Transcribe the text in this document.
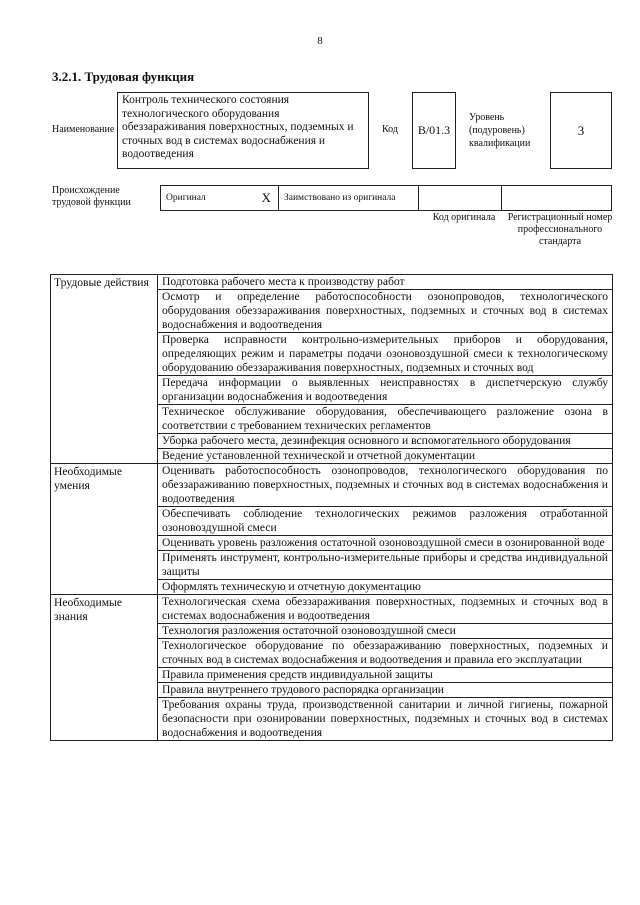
8
3.2.1. Трудовая функция
Наименование
Контроль технического состояния технологического оборудования обеззараживания поверхностных, подземных и сточных вод в системах водоснабжения и водоотведения
Код	B/01.3
Уровень (подуровень) квалификации
3
Происхождение трудовой функции	Оригинал	X	Заимствовано из оригинала		
Код оригинала	Регистрационный номер профессионального стандарта
Трудовые действия	Подготовка рабочего места к производству работ
	Осмотр и определение работоспособности озонопроводов, технологического оборудования обеззараживания поверхностных, подземных и сточных вод в системах водоснабжения и водоотведения
	Проверка исправности контрольно-измерительных приборов и оборудования, определяющих режим и параметры подачи озоновоздушной смеси к технологическому оборудованию обеззараживания поверхностных, подземных и сточных вод
	Передача информации о выявленных неисправностях в диспетчерскую службу организации водоснабжения и водоотведения
	Техническое обслуживание оборудования, обеспечивающего разложение озона в соответствии с требованием технических регламентов
	Уборка рабочего места, дезинфекция основного и вспомогательного оборудования
	Ведение установленной технической и отчетной документации
Необходимые умения	Оценивать работоспособность озонопроводов, технологического оборудования по обеззараживанию поверхностных, подземных и сточных вод в системах водоснабжения и водоотведения
	Обеспечивать соблюдение технологических режимов разложения отработанной озоновоздушной смеси
	Оценивать уровень разложения остаточной озоновоздушной смеси в озонированной воде
	Применять инструмент, контрольно-измерительные приборы и средства индивидуальной защиты
	Оформлять техническую и отчетную документацию
Необходимые знания	Технологическая схема обеззараживания поверхностных, подземных и сточных вод в системах водоснабжения и водоотведения
	Технология разложения остаточной озоновоздушной смеси
	Технологическое оборудование по обеззараживанию поверхностных, подземных и сточных вод в системах водоснабжения и водоотведения и правила его эксплуатации
	Правила применения средств индивидуальной защиты
	Правила внутреннего трудового распорядка организации
	Требования охраны труда, производственной санитарии и личной гигиены, пожарной безопасности при озонировании поверхностных, подземных и сточных вод в системах водоснабжения и водоотведения
